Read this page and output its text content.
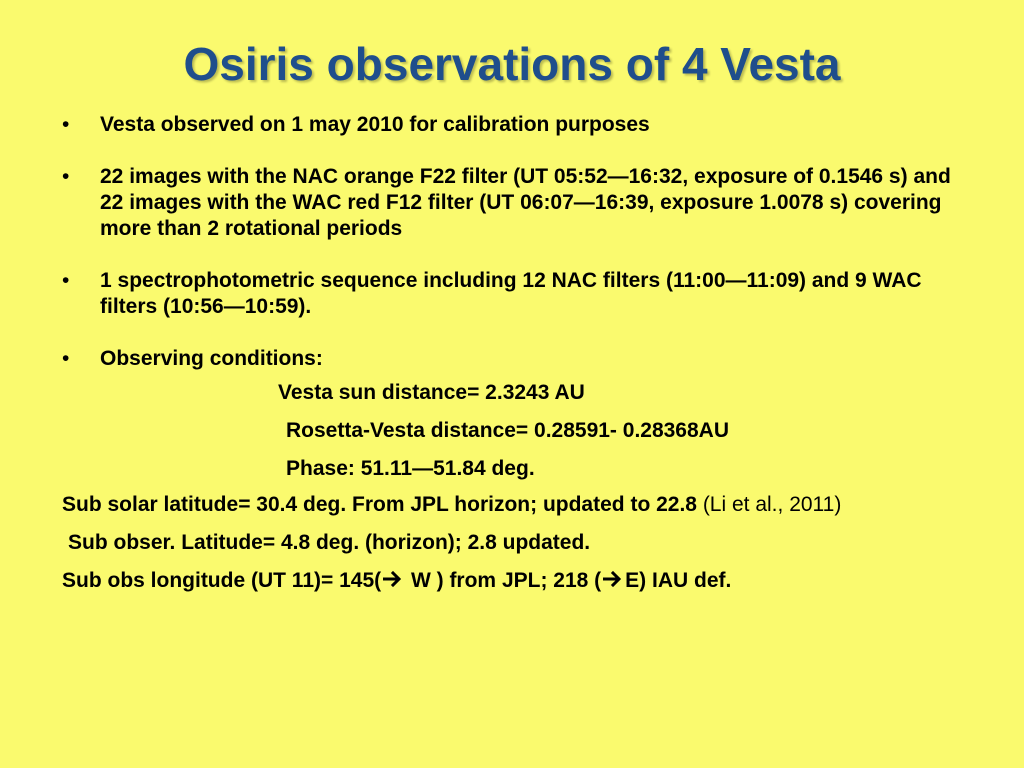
Osiris observations of 4 Vesta
• Vesta observed on 1 may 2010 for calibration purposes
• 22 images with the NAC orange F22 filter (UT 05:52—16:32, exposure of 0.1546 s) and 22 images with the WAC red F12 filter (UT 06:07—16:39, exposure 1.0078 s) covering more than 2 rotational periods
• 1 spectrophotometric sequence including 12 NAC filters (11:00—11:09) and 9 WAC filters (10:56—10:59).
• Observing conditions:
Vesta sun distance= 2.3243 AU
Rosetta-Vesta distance= 0.28591- 0.28368AU
Phase: 51.11—51.84 deg.
Sub solar latitude= 30.4 deg. From JPL horizon; updated to 22.8 (Li et al., 2011)
Sub obser. Latitude= 4.8 deg. (horizon); 2.8 updated.
Sub obs longitude (UT 11)= 145( W ) from JPL; 218 ( E) IAU def.
